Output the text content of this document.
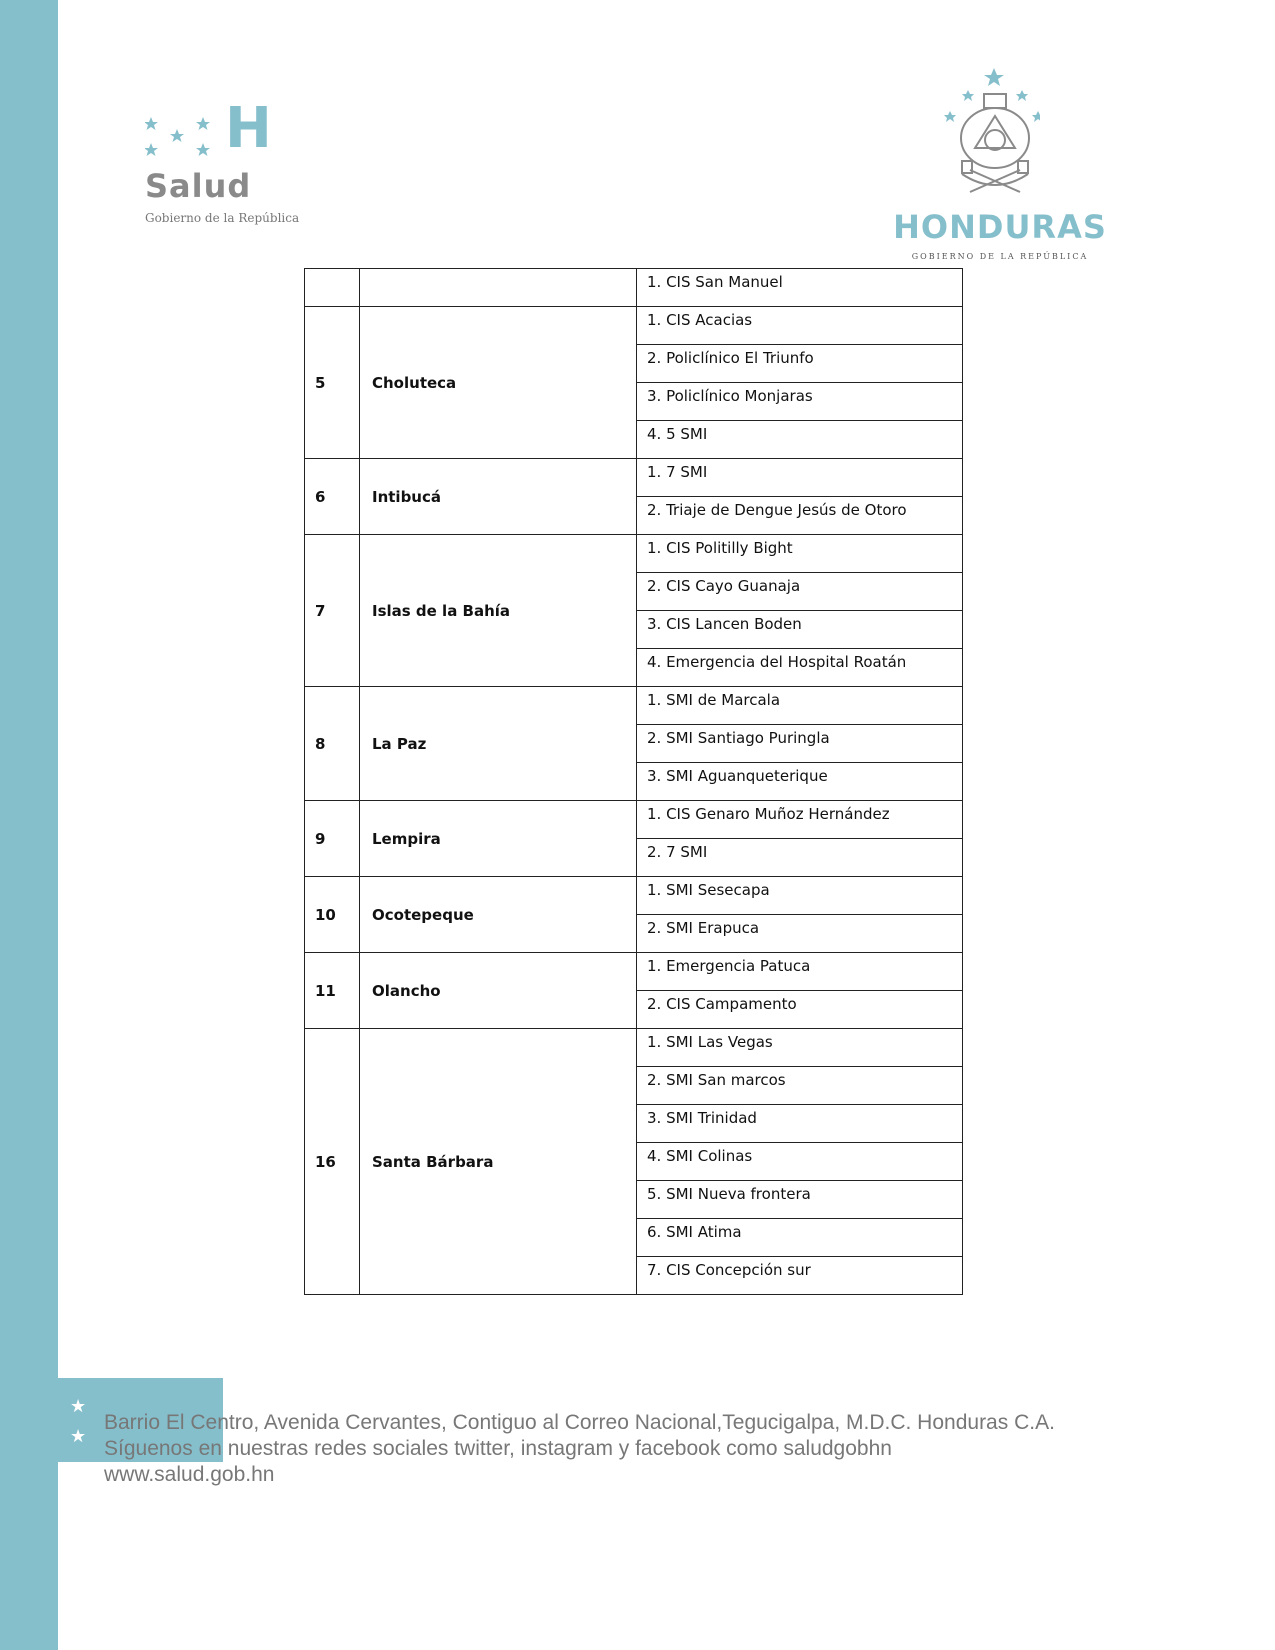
H
Salud
Gobierno de la República	HONDURAS
GOBIERNO DE LA REPÚBLICA
		1. CIS San Manuel
5	Choluteca	1. CIS Acacias
		2. Policlínico El Triunfo
		3. Policlínico Monjaras
		4. 5 SMI
6	Intibucá	1. 7 SMI
		2. Triaje de Dengue Jesús de Otoro
7	Islas de la Bahía	1. CIS Politilly Bight
		2. CIS Cayo Guanaja
		3. CIS Lancen Boden
		4. Emergencia del Hospital Roatán
8	La Paz	1. SMI de Marcala
		2. SMI Santiago Puringla
		3. SMI Aguanqueterique
9	Lempira	1. CIS Genaro Muñoz Hernández
		2. 7 SMI
10	Ocotepeque	1. SMI Sesecapa
		2. SMI Erapuca
11	Olancho	1. Emergencia Patuca
		2. CIS Campamento
16	Santa Bárbara	1. SMI Las Vegas
		2. SMI San marcos
		3. SMI Trinidad
		4. SMI Colinas
		5. SMI Nueva frontera
		6. SMI Atima
		7. CIS Concepción sur
★
★
Barrio El Centro, Avenida Cervantes, Contiguo al Correo Nacional,Tegucigalpa, M.D.C. Honduras C.A.
Síguenos en nuestras redes sociales twitter, instagram y facebook como saludgobhn
www.salud.gob.hn
